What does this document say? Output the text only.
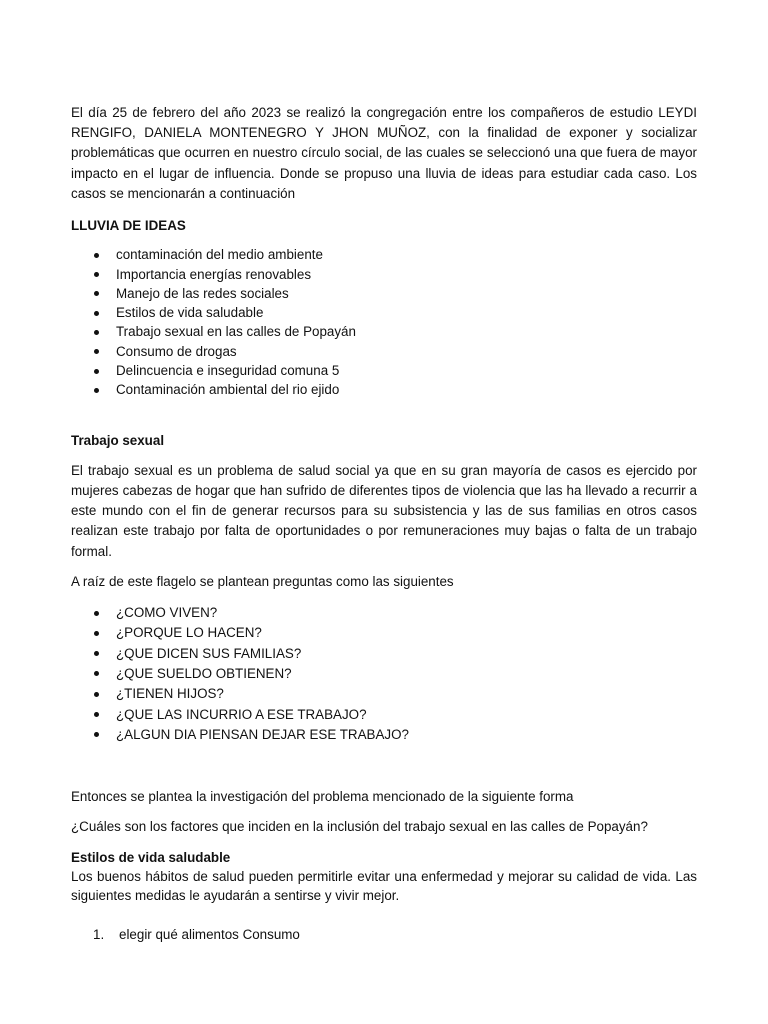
El día 25 de febrero del año 2023 se realizó la congregación entre los compañeros de estudio LEYDI RENGIFO, DANIELA MONTENEGRO Y JHON MUÑOZ, con la finalidad de exponer y socializar problemáticas que ocurren en nuestro círculo social, de las cuales se seleccionó una que fuera de mayor impacto en el lugar de influencia. Donde se propuso una lluvia de ideas para estudiar cada caso. Los casos se mencionarán a continuación

LLUVIA DE IDEAS

contaminación del medio ambiente
Importancia energías renovables
Manejo de las redes sociales
Estilos de vida saludable
Trabajo sexual en las calles de Popayán
Consumo de drogas
Delincuencia e inseguridad comuna 5
Contaminación ambiental del rio ejido

Trabajo sexual

El trabajo sexual es un problema de salud social ya que en su gran mayoría de casos es ejercido por mujeres cabezas de hogar que han sufrido de diferentes tipos de violencia que las ha llevado a recurrir a este mundo con el fin de generar recursos para su subsistencia y las de sus familias en otros casos realizan este trabajo por falta de oportunidades o por remuneraciones muy bajas o falta de un trabajo formal.

A raíz de este flagelo se plantean preguntas como las siguientes

¿COMO VIVEN?
¿PORQUE LO HACEN?
¿QUE DICEN SUS FAMILIAS?
¿QUE SUELDO OBTIENEN?
¿TIENEN HIJOS?
¿QUE LAS INCURRIO A ESE TRABAJO?
¿ALGUN DIA PIENSAN DEJAR ESE TRABAJO?

Entonces se plantea la investigación del problema mencionado de la siguiente forma

¿Cuáles son los factores que inciden en la inclusión del trabajo sexual en las calles de Popayán?

Estilos de vida saludable

Los buenos hábitos de salud pueden permitirle evitar una enfermedad y mejorar su calidad de vida. Las siguientes medidas le ayudarán a sentirse y vivir mejor.

1. elegir qué alimentos Consumo
